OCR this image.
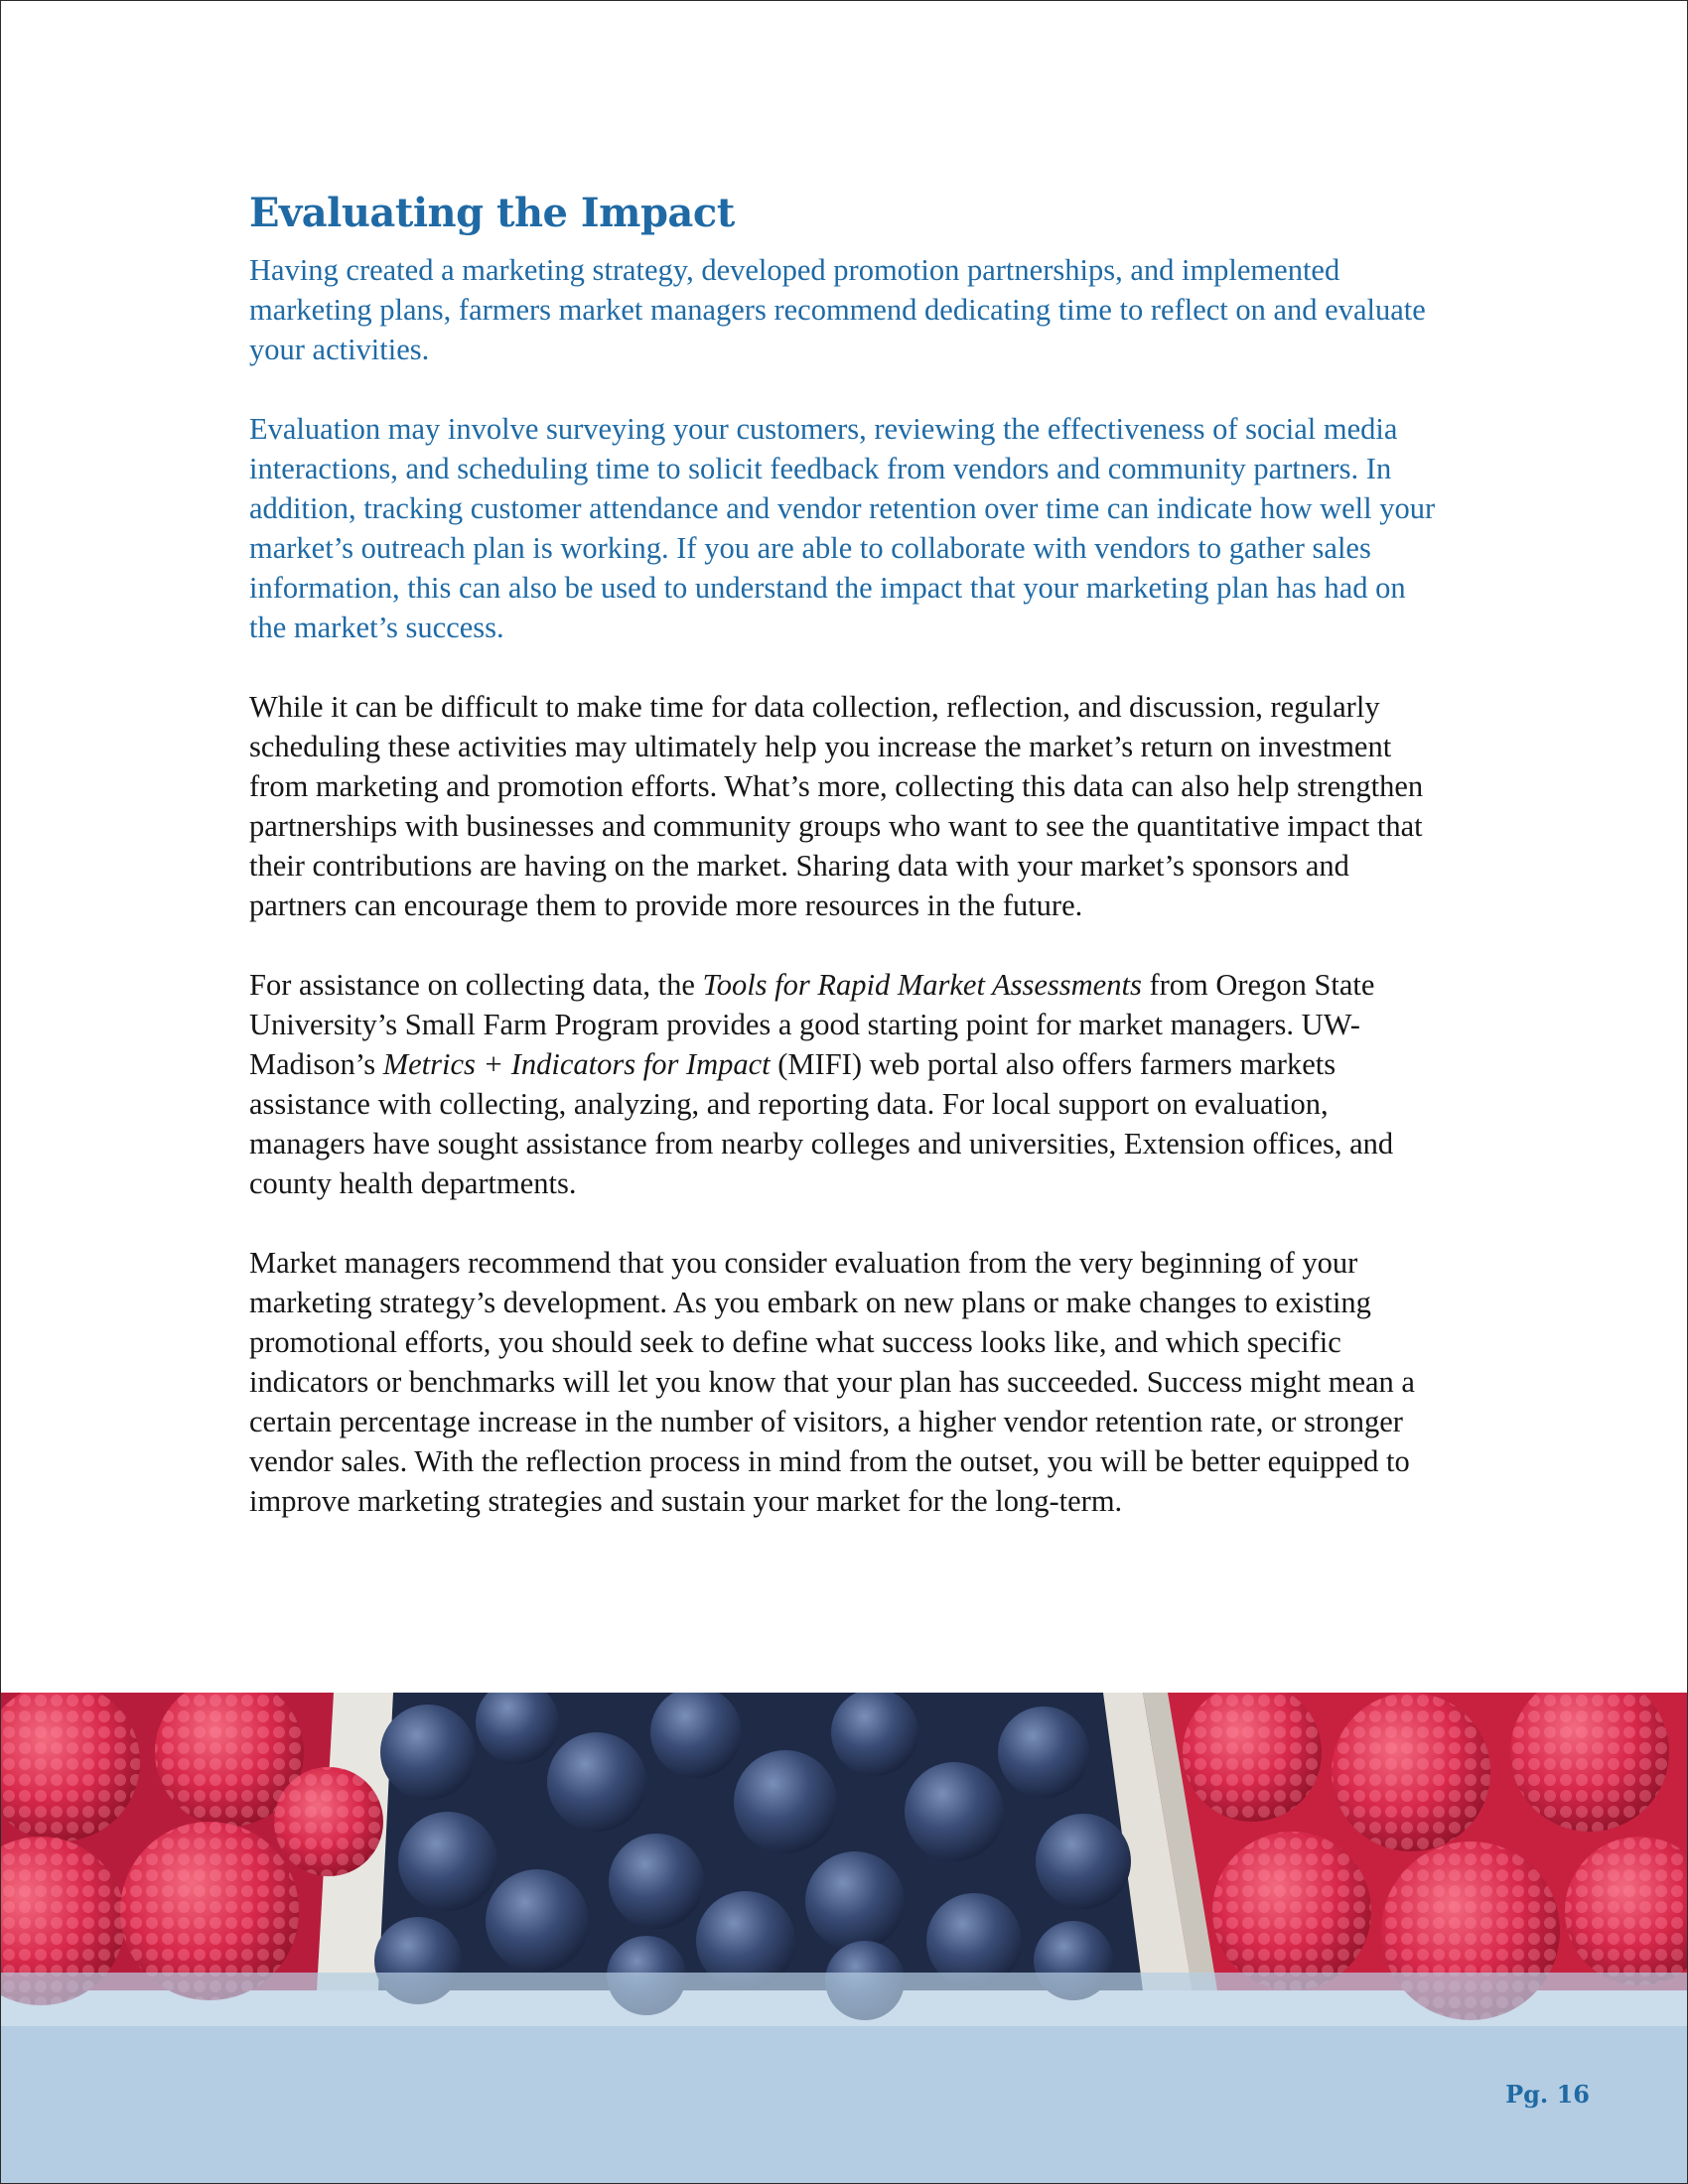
Evaluating the Impact

Having created a marketing strategy, developed promotion partnerships, and implemented marketing plans, farmers market managers recommend dedicating time to reflect on and evaluate your activities.

Evaluation may involve surveying your customers, reviewing the effectiveness of social media interactions, and scheduling time to solicit feedback from vendors and community partners. In addition, tracking customer attendance and vendor retention over time can indicate how well your market’s outreach plan is working. If you are able to collaborate with vendors to gather sales information, this can also be used to understand the impact that your marketing plan has had on the market’s success.

While it can be difficult to make time for data collection, reflection, and discussion, regularly scheduling these activities may ultimately help you increase the market’s return on investment from marketing and promotion efforts. What’s more, collecting this data can also help strengthen partnerships with businesses and community groups who want to see the quantitative impact that their contributions are having on the market. Sharing data with your market’s sponsors and partners can encourage them to provide more resources in the future.

For assistance on collecting data, the Tools for Rapid Market Assessments from Oregon State University’s Small Farm Program provides a good starting point for market managers. UW-Madison’s Metrics + Indicators for Impact (MIFI) web portal also offers farmers markets assistance with collecting, analyzing, and reporting data. For local support on evaluation, managers have sought assistance from nearby colleges and universities, Extension offices, and county health departments.

Market managers recommend that you consider evaluation from the very beginning of your marketing strategy’s development. As you embark on new plans or make changes to existing promotional efforts, you should seek to define what success looks like, and which specific indicators or benchmarks will let you know that your plan has succeeded. Success might mean a certain percentage increase in the number of visitors, a higher vendor retention rate, or stronger vendor sales. With the reflection process in mind from the outset, you will be better equipped to improve marketing strategies and sustain your market for the long-term.

Pg. 16
